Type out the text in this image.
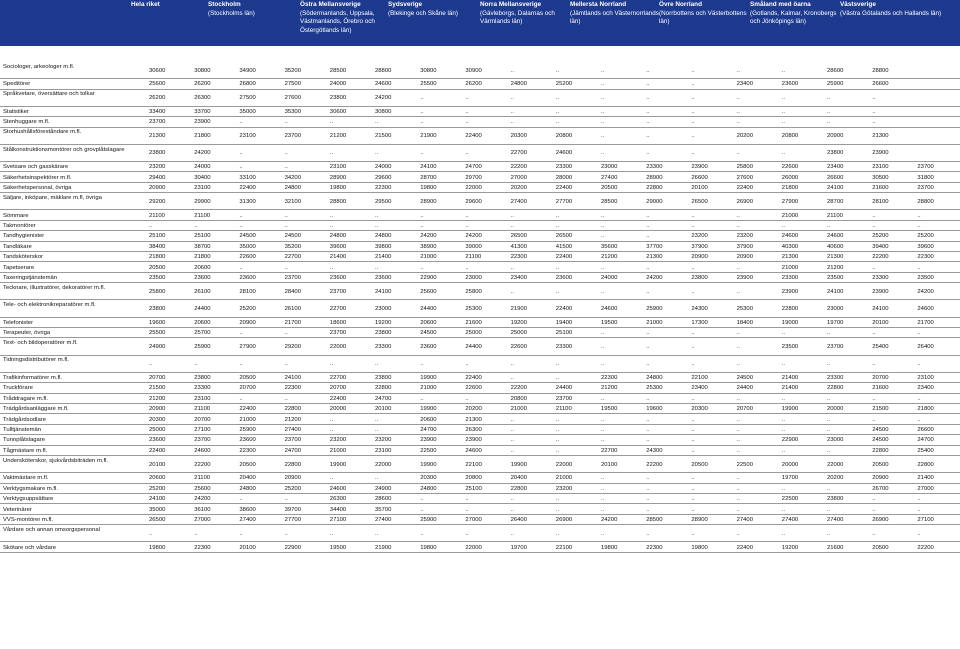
Hela riket	Stockholm
(Stockholms län)
Östra Mellansverige
(Södermanlands, Uppsala, Västmanlands, Örebro och Östergötlands län)
Sydsverige
(Blekinge och Skåne län)
Norra Mellansverige
(Gävleborgs, Dalarnas och Värmlands län)
Mellersta Norrland
(Jämtlands och Västernorrlands län)
Övre Norrland
(Norrbottens och Västerbottens län)
Småland med öarna
(Gotlands, Kalmar, Kronobergs och Jönköpings län)
Västsverige
(Västra Götalands och Hallands län)
Sociologer, arkeologer m.fl.
30600	30800	34900	35200	28500	28800	30800	30900	..	..	..	..	..	..	..	28600	28800
Speditörer	25600	26200	26800	27500	24000	24600	25500	26200	24800	25200	..	..	..	23400	23600	25900	26600
Språkvetare, översättare och tolkar
26200	26300	27500	27600	23800	24200	..	..	..	..	..	..	..	..	..	..	..
Statistiker	33400	33700	35000	35300	30600	30800	..	..	..	..	..	..	..	..	..	..	..
Stenhuggare m.fl.	23700	23900	..	..	..	..	..	..	..	..	..	..	..	..	..	..	..
Storhushållsföreståndare m.fl.
21300	21800	23100	23700	21200	21500	21900	22400	20300	20800	..	..	..	20200	20800	20900	21300
Stålkonstruktionsmontörer och grovplåtslagare
23800	24200	..	..	..	..	..	..	22700	24600	..	..	..	..	..	23800	23900
Svetsare och gasskärare	23200	24000	..	..	23100	24000	24100	24700	22200	23300	23000	23300	23900	25800	22600	23400	23100	23700
Säkerhetsinspektörer m.fl.	29400	30400	33100	34200	28900	29600	28700	29700	27000	28000	27400	28900	26600	27600	26000	26600	30500	31800
Säkerhetspersonal, övriga	20900	23100	22400	24800	19800	22300	19800	22000	20200	22400	20500	22800	20100	22400	21800	24100	21600	23700
Säljare, inköpare, mäklare m.fl, övriga
29200	29900	31300	32100	28800	29500	28900	29600	27400	27700	28500	29000	26500	26900	27900	28700	28100	28800
Sömmare	21100	21100	..	..	..	..	..	..	..	..	..	..	..	..	21000	21100	..	..
Takmontörer	..	..	..	..	..	..	..	..	..	..	..	..	..	..	..	..	..	..
Tandhygienister	25100	25100	24500	24500	24800	24800	24200	24200	26500	26500	..	..	23200	23200	24600	24600	25200	25200
Tandläkare	38400	38700	35000	35200	39600	39800	38900	39000	41300	41500	35600	37700	37900	37900	40300	40600	39400	39600
Tandsköterskor	21800	21800	22600	22700	21400	21400	21000	21100	22300	22400	21200	21300	20900	20900	21300	21300	22200	22300
Tapetserare	20500	20600	..	..	..	..	..	..	..	..	..	..	..	..	21000	21200	..	..
Taxeringstjänstemän	23500	23600	23600	23700	23600	23600	22900	23000	23400	23600	24000	24200	23800	23900	23300	23500	23300	23500
Tecknare, illustratörer, dekoratörer m.fl.
25800	26100	28100	28400	23700	24100	25600	25800	..	..	..	..	..	..	23900	24100	23900	24200
Tele- och elektronikreparatörer m.fl.
23800	24400	25200	26100	22700	23000	24400	25300	21900	22400	24600	25900	24300	25300	22800	23000	24100	24600
Telefonister	19600	20600	20900	21700	18600	19200	20600	21600	19200	19400	19500	21000	17300	18400	19000	19700	20100	21700
Terapeuter, övriga	25500	25700	..	..	23700	23800	24500	25000	25000	25100	..	..	..	..	..	..	..	..
Text- och bildoperatörer m.fl.
24900	25900	27900	29200	22000	23300	23600	24400	22600	23300	..	..	..	..	23500	23700	25400	26400
Tidningsdistributörer m.fl.
..	..	..	..	..	..	..	..	..	..	..	..	..	..	..	..	..	..
Trafikinformatörer m.fl.	20700	23800	20500	24100	22700	23800	19900	22400	..	..	22300	24800	22100	24500	21400	23300	20700	23100
Truckförare	21500	23300	20700	22300	20700	22800	21000	22600	22200	24400	21200	25300	23400	24400	21400	22800	21600	23400
Tråddragare m.fl.	21200	23100	..	..	22400	24700	..	..	20800	23700	..	..	..	..	..	..	..	..
Trädgårdsanläggare m.fl.	20900	21100	22400	22800	20000	20100	19900	20200	21000	21100	19500	19600	20300	20700	19900	20000	21500	21800
Trädgårdsodlare	20300	20700	21000	21200	..	..	20600	21300	..	..	..	..	..	..	..	..	..	..
Tulltjänstemän	25000	27100	25900	27400	..	..	24700	26300	..	..	..	..	..	..	..	..	24500	26600
Tunnplåtslagare	23600	23700	23600	23700	23200	23200	23900	23900	..	..	..	..	..	..	22900	23000	24500	24700
Tågmästare m.fl.	22400	24600	22300	24700	21000	23100	22500	24600	..	..	22700	24300	..	..	..	..	22800	25400
Undersköterskor, sjukvårdsbiträden m.fl.
20100	22200	20500	22800	19900	22000	19900	22100	19900	22000	20100	22200	20500	22500	20000	22000	20500	22800
Vaktmästare m.fl.	20600	21100	20400	20900	..	..	20300	20800	20400	21000	..	..	..	..	19700	20200	20900	21400
Verktygsmakare m.fl.	25200	25600	24800	25200	24600	24900	24800	25100	22800	23200	..	..	..	..	..	..	26700	27000
Verktygsuppsättare	24100	24200	..	..	26300	28600	..	..	..	..	..	..	..	..	22500	23800	..	..
Veterinärer	35000	36100	38600	39700	34400	35700	..	..	..	..	..	..	..	..	..	..	..	..
VVS-montörer m.fl.	26500	27000	27400	27700	27100	27400	25900	27000	26400	26900	24200	28500	28900	27400	27400	27400	26900	27100
Vårdare och annan omsorgspersonal
..	..	..	..	..	..	..	..	..	..	..	..	..	..	..	..	..	..
Skötare och vårdare	19800	22300	20100	22900	19500	21900	19800	22000	19700	22100	19800	22300	19800	22400	19200	21600	20500	22200
